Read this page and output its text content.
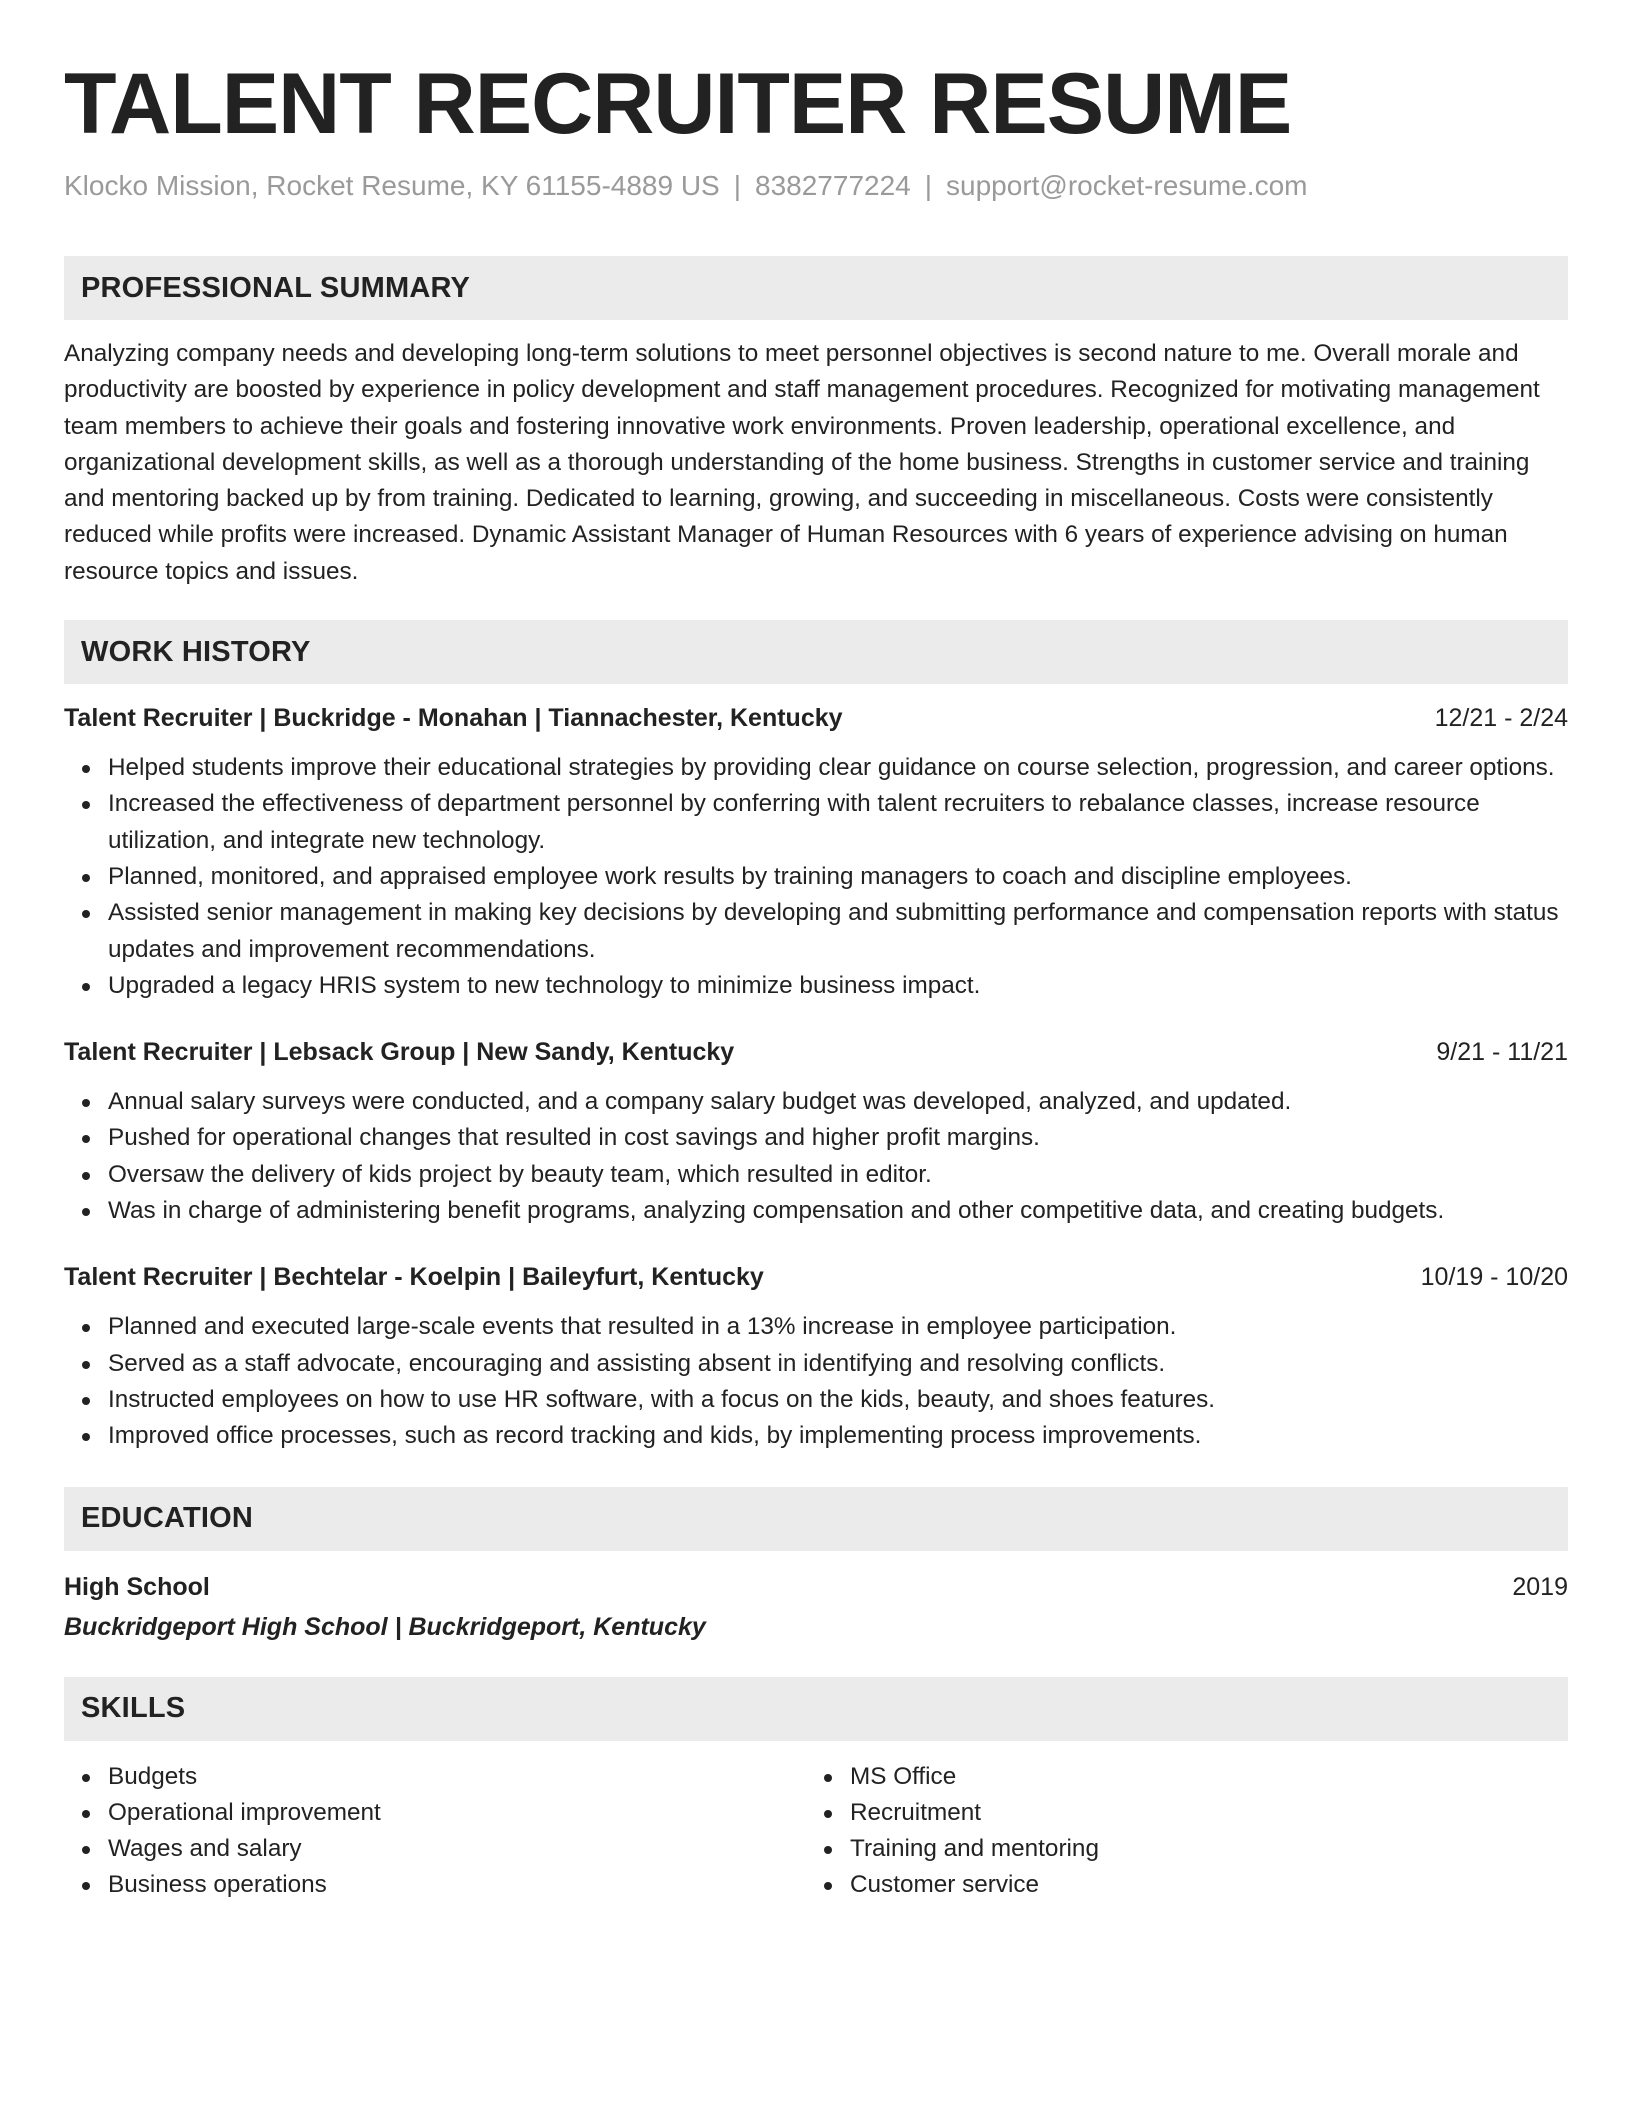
TALENT RECRUITER RESUME
Klocko Mission, Rocket Resume, KY 61155-4889 US | 8382777224 | support@rocket-resume.com
PROFESSIONAL SUMMARY

Analyzing company needs and developing long-term solutions to meet personnel objectives is second nature to me. Overall morale and productivity are boosted by experience in policy development and staff management procedures. Recognized for motivating management team members to achieve their goals and fostering innovative work environments. Proven leadership, operational excellence, and organizational development skills, as well as a thorough understanding of the home business. Strengths in customer service and training and mentoring backed up by from training. Dedicated to learning, growing, and succeeding in miscellaneous. Costs were consistently reduced while profits were increased. Dynamic Assistant Manager of Human Resources with 6 years of experience advising on human resource topics and issues.

WORK HISTORY
Talent Recruiter | Buckridge - Monahan | Tiannachester, Kentucky	12/21 - 2/24
Helped students improve their educational strategies by providing clear guidance on course selection, progression, and career options.
Increased the effectiveness of department personnel by conferring with talent recruiters to rebalance classes, increase resource utilization, and integrate new technology.
Planned, monitored, and appraised employee work results by training managers to coach and discipline employees.
Assisted senior management in making key decisions by developing and submitting performance and compensation reports with status updates and improvement recommendations.
Upgraded a legacy HRIS system to new technology to minimize business impact.
Talent Recruiter | Lebsack Group | New Sandy, Kentucky	9/21 - 11/21
Annual salary surveys were conducted, and a company salary budget was developed, analyzed, and updated.
Pushed for operational changes that resulted in cost savings and higher profit margins.
Oversaw the delivery of kids project by beauty team, which resulted in editor.
Was in charge of administering benefit programs, analyzing compensation and other competitive data, and creating budgets.
Talent Recruiter | Bechtelar - Koelpin | Baileyfurt, Kentucky	10/19 - 10/20
Planned and executed large-scale events that resulted in a 13% increase in employee participation.
Served as a staff advocate, encouraging and assisting absent in identifying and resolving conflicts.
Instructed employees on how to use HR software, with a focus on the kids, beauty, and shoes features.
Improved office processes, such as record tracking and kids, by implementing process improvements.
EDUCATION
High School	2019
Buckridgeport High School | Buckridgeport, Kentucky
SKILLS
Budgets
Operational improvement
Wages and salary
Business operations
MS Office
Recruitment
Training and mentoring
Customer service
